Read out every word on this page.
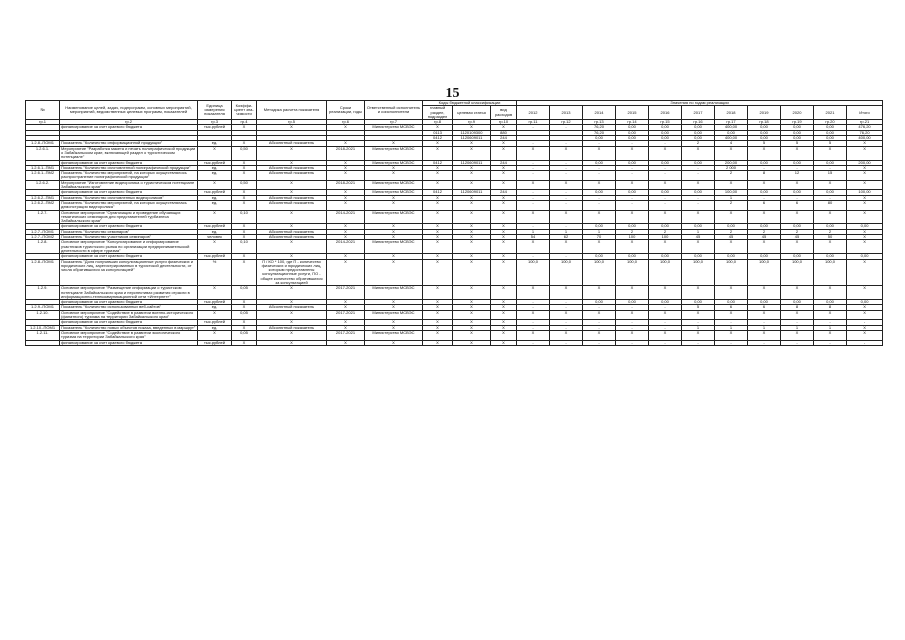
15
№	Наименование целей, задач, подпрограмм, основных мероприятий, мероприятий, ведомственных целевых программ, показателей	Единица измерения показателя	Коэффи-циент зна-чимости	Методика расчета показателя	Сроки реализации, годы	Ответственный исполнитель и соисполнители	Коды бюджетной классификации			Значения по годам реализации										
							главный раздел, подраздел	целевая статья	вид расходов	2012	2013	2014	2015	2016	2017	2018	2019	2020	2021	Итого
гр.1	гр.2	гр.3	гр.4	гр.5	гр.6	гр.7	гр.8	гр.9	гр.10	гр.11	гр.12	гр.13	гр.14	гр.15	гр.16	гр.17	гр.18	гр.19	гр.20	гр.21
	финансирование за счет краевого бюджета	тыс.рублей	X	X	X	Министерство МСВЭС	X	X	X	-	-	76,20	0,00	0,00	0,00	400,00	0,00	0,00	0,00	476,20
							0113	1120109300	880			76,20	0,00	0,00	0,00	0,00	0,00	0,00	0,00	76,20
							0412	1120609011	244			0,00	0,00	0,00	0,00	400,00	0,00	0,00	0,00	400,00
1.2.8.-ПОМ1	Показатель "Количество информационной продукции"	ед.	X	Абсолютный показатель	X	X	X	X	X	-	-	-	-	-	2	4	5	5	5	X
1.2.6.1.	Мероприятие "Разработка макета и печать полиграфической продукции о Забайкальском крае, включающей раздел о туристическом потенциале"	X	0,50	X	2018-2021	Министерство МСВЭС	X	X	X	X	X	X	X	X	X	X	X	X	X	X
	финансирование за счет краевого бюджета	тыс.рублей	X	X	X	Министерство МСВЭС	0412	1120609011	244	-	-	0,00	0,00	0,00	0,00	200,00	0,00	0,00	0,00	200,00
1.2.6.1.-ПМ1	Показатель "Количество изготовленной полиграфической продукции"	ед.	X	Абсолютный показатель	X	X	X	X	X	-	-	-	-	-	-	2 000	-	-	-	X
1.2.6.1.-ПМ2	Показатель "Количество мероприятий, на которых осуществлялось распространение полиграфической продукции"	ед.	X	Абсолютный показатель	X	X	X	X	X	-	-	-	-	-	-	2	8	12	15	X
1.2.6.2.	Мероприятие "Изготовление видеоролика о туристическом потенциале Забайкальского края"	X	0,50	X	2018-2021	Министерство МСВЭС	X	X	X	X	X	X	X	X	X	X	X	X	X	X
	финансирование за счет краевого бюджета	тыс.рублей	X	X	X	Министерство МСВЭС	0412	1120609011	244	-	-	0,00	0,00	0,00	0,00	100,00	0,00	0,00	0,00	100,00
1.2.6.2.-ПМ1	Показатель "Количество изготовленных видеороликов"	ед.	X	Абсолютный показатель	X	X	X	X	X	-	-	-	-	-	-	1	-	-	-	X
1.2.6.2.-ПМ2	Показатель "Количество мероприятий, на которых осуществлялась демонстрация видеоролика"	ед.	X	Абсолютный показатель	X	X	X	X	X	-	-	-	-	-	-	2	6	6	80	X
1.2.7.	Основное мероприятие "Организация и проведение обучающих тематических семинаров для представителей турбизнеса Забайкальского края"	X	0,10	X	2014-2021	Министерство МСВЭС	X	X	X	X	X	X	X	X	X	X	X	X	X	X
	финансирование за счет краевого бюджета	тыс.рублей	X	X	X	X	X	X	X	-	-	0,00	0,00	0,00	0,00	0,00	0,00	0,00	0,00	0,00
1.2.7.-ПОМ1	Показатель "Количество семинаров"	ед.	X	Абсолютный показатель	X	X	X	X	X	1	1	1	2	2	1	2	2	2	2	X
1.2.7.-ПОМ2	Показатель "Количество участников семинаров"	человек	X	Абсолютный показатель	X	X	X	X	X	54	62	70	100	100	45	45	45	45	50	X
1.2.8.	Основное мероприятие "Консультирование и информирование участников туристского рынка по организации предпринимательской деятельности в сфере туризма"	X	0,10	X	2014-2021	Министерство МСВЭС	X	X	X	X	X	X	X	X	X	X	X	X	X	X
	финансирование за счет краевого бюджета	тыс.рублей	X	X	X	X	X	X	X	-	-	0,00	0,00	0,00	0,00	0,00	0,00	0,00	0,00	0,00
1.2.8.-ПОМ1	Показатель "Доля получивших консультационные услуги физических и юридических лиц, зарегистрированных в туристской деятельности, от числа обратившихся за консультацией"	%	X	П / КО * 100, где П - количество физических и юридических лиц, которым предоставлены консультационные услуги, ПО - общее количество обратившихся за консультацией	X	X	X	X	X	100,0	100,0	100,0	100,0	100,0	100,0	100,0	100,0	100,0	100,0	X
1.2.9.	Основное мероприятие "Размещение информации о туристском потенциале Забайкальского края и перспективах развития отрасли в информационно-телекоммуникационной сети «Интернет»"	X	0,05	X	2017-2021	Министерство МСВЭС	X	X	X	X	X	X	X	X	X	X	X	X	X	X
	финансирование за счет краевого бюджета	тыс.рублей	X	X	X	X	X	X	X	-	-	0,00	0,00	0,00	0,00	0,00	0,00	0,00	0,00	0,00
1.2.9.-ПОМ1	Показатель "Количество использованных веб-сайтов"	ед.	X	Абсолютный показатель	X	X	X	X	X	-	-	-	-	-	5	6	6	8	8	X
1.2.10.	Основное мероприятие "Содействие в развитии военно-исторического (фанатного) туризма на территории Забайкальского края"	X	0,05	X	2017-2021	Министерство МСВЭС	X	X	X	X	X	X	X	X	X	X	X	X	X	X
	финансирование за счет краевого бюджета	тыс.рублей	X	X	X	X	X	X	X	-	-	-	-	-	-	-	-	-	-	-
1.2.10.-ПОМ1	Показатель "Количество новых объектов показа, введенных в маршрут"	ед.	X	Абсолютный показатель	X	X	X	X	X	-	-	-	-	-	1	1	1	1	1	X
1.2.11.	Основное мероприятие "Содействие в развитии экологического туризма на территории Забайкальского края"	X	0,05	X	2017-2021	Министерство МСВЭС	X	X	X	X	X	X	X	X	X	X	X	X	X	X
	финансирование за счет краевого бюджета	тыс.рублей	X	X	X	X	X	X	X	-	-	-	-	-	-	-	-	-	-	-
